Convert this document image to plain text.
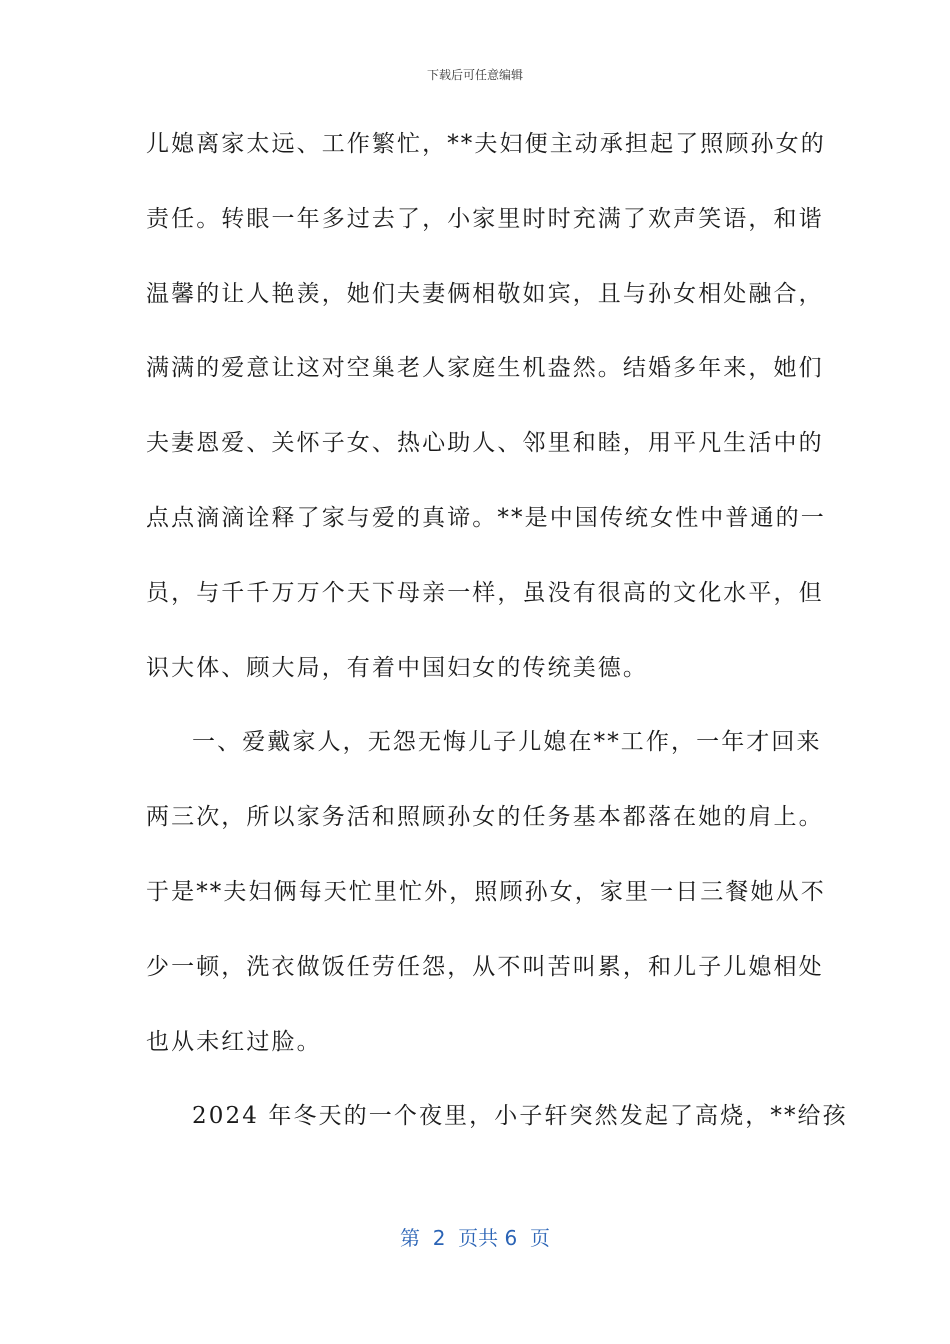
下载后可任意编辑
儿媳离家太远、工作繁忙，**夫妇便主动承担起了照顾孙女的
责任。转眼一年多过去了，小家里时时充满了欢声笑语，和谐
温馨的让人艳羡，她们夫妻俩相敬如宾，且与孙女相处融合，
满满的爱意让这对空巢老人家庭生机盎然。结婚多年来，她们
夫妻恩爱、关怀子女、热心助人、邻里和睦，用平凡生活中的
点点滴滴诠释了家与爱的真谛。**是中国传统女性中普通的一
员，与千千万万个天下母亲一样，虽没有很高的文化水平，但
识大体、顾大局，有着中国妇女的传统美德。
一、爱戴家人，无怨无悔儿子儿媳在**工作，一年才回来
两三次，所以家务活和照顾孙女的任务基本都落在她的肩上。
于是**夫妇俩每天忙里忙外，照顾孙女，家里一日三餐她从不
少一顿，洗衣做饭任劳任怨，从不叫苦叫累，和儿子儿媳相处
也从未红过脸。
2024 年冬天的一个夜里，小子轩突然发起了高烧，**给孩
第  2  页共 6  页
